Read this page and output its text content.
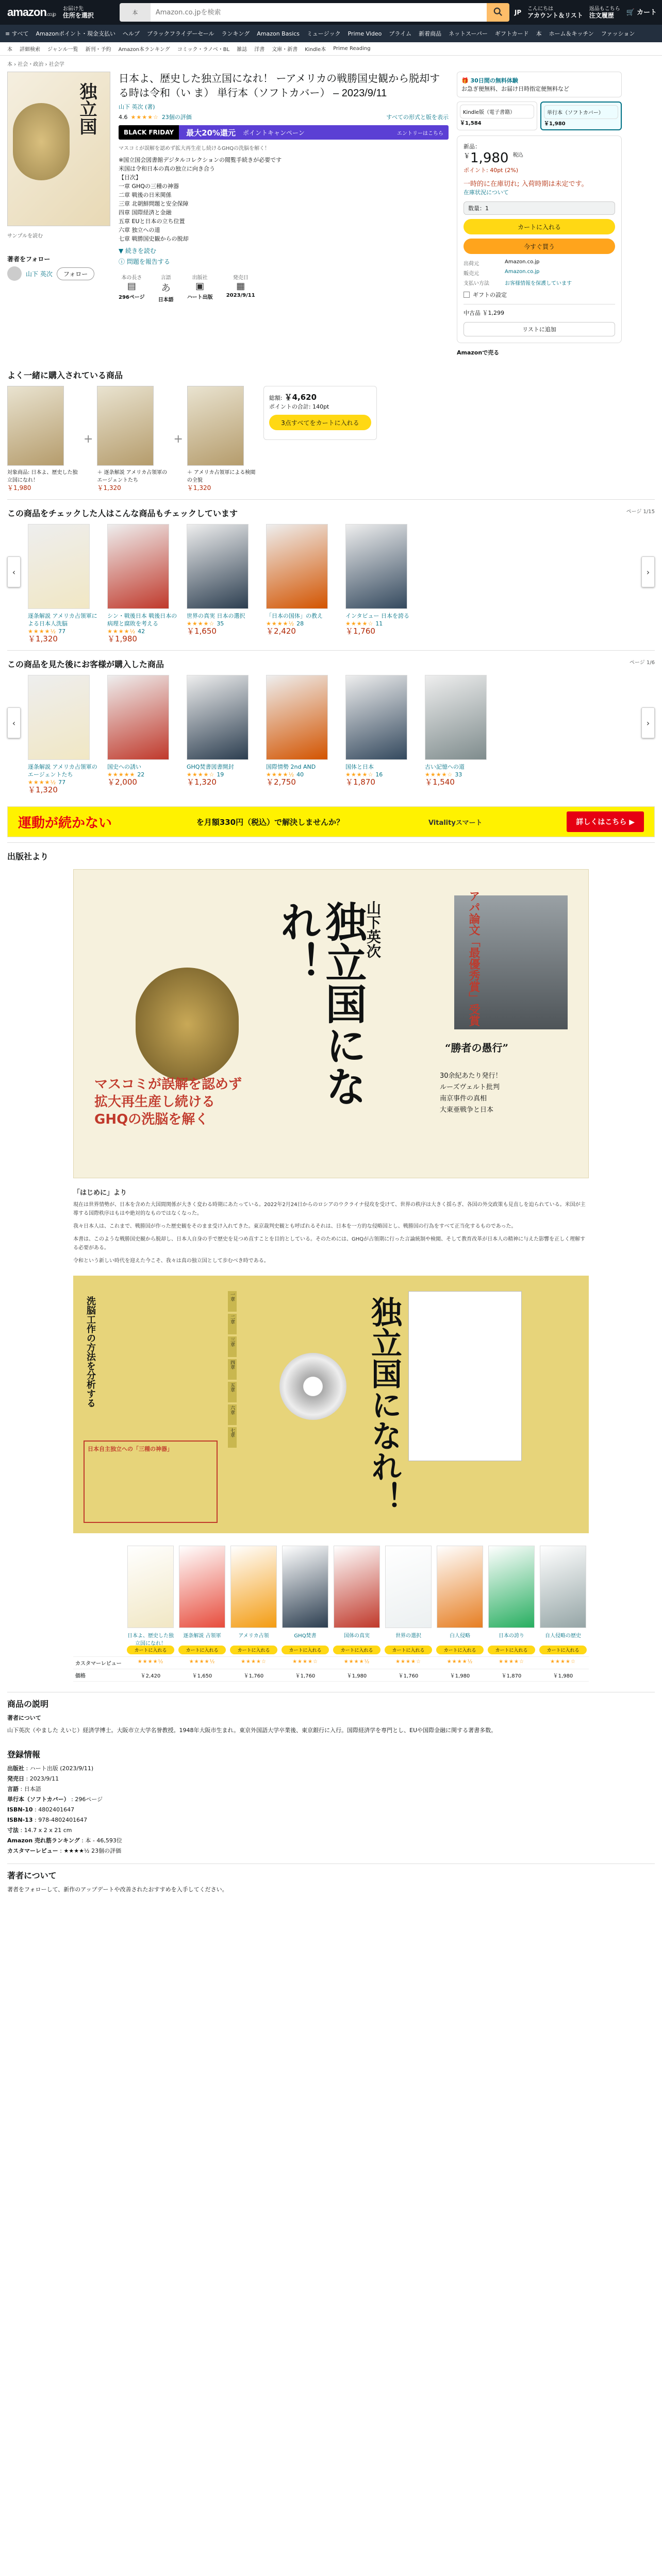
amazon.co.jp
お届け先
住所を選択	本
Amazon.co.jpを検索	JP こんにちは
アカウント＆リスト
返品もこちら
注文履歴	🛒 カート
≡ すべて Amazonポイント・現金支払い ヘルプ ブラックフライデーセール ランキング Amazon Basics ミュージック Prime Video プライム 新着商品 ネットスーパー ギフトカード 本 ホーム＆キッチン ファッション
本 詳細検索 ジャンル一覧 新刊・予約 Amazon本ランキング コミック・ラノベ・BL 雑誌 洋書 文庫・新書 Kindle本 Prime Reading
本 › 社会・政治 › 社会学
独立国
サンプルを読む
著者をフォロー
山下 英次	フォロー
日本よ、歴史した独立国になれ！ ーアメリカの戦勝国史観から脱却する時は令和（い ま） 単行本（ソフトカバー） – 2023/9/11
山下 英次 (著)
4.6 ★★★★☆ 23個の評価	すべての形式と版を表示
BLACK FRIDAY	最大20%還元	ポイントキャンペーン	エントリーはこちら
マスコミが誤解を認めず拡大再生産し続けるGHQの洗脳を解く！
※国立国会図書館デジタルコレクションの閲覧手続きが必要です
米国は令和日本の真の独立に向き合う
【目次】
一章 GHQの三種の神器
二章 戦後の日米関係
三章 北朝鮮問題と安全保障
四章 国際経済と金融
五章 EUと日本の立ち位置
六章 独立への道
七章 戦勝国史観からの脱却
▼ 続きを読む
ⓘ 問題を報告する
本の長さ
▤
296ページ
言語
あ
日本語
出版社
▣
ハート出版
発売日
▦
2023/9/11
🎁 30日間の無料体験
お急ぎ便無料、お届け日時指定便無料など
Kindle版（電子書籍）
￥1,584
単行本（ソフトカバー）
￥1,980
新品：
￥1,980 $^{税込}$
ポイント: 40pt (2%)
一時的に在庫切れ; 入荷時期は未定です。
在庫状況について
数量：1
カートに入れる
今すぐ買う
出荷元	Amazon.co.jp
販売元	Amazon.co.jp
支払い方法	お客様情報を保護しています
ギフトの設定
中古品 ￥1,299
リストに追加
Amazonで売る
よく一緒に購入されている商品
対象商品: 日本よ、歴史した独立国になれ！
￥1,980
+
＋ 逐条解説 アメリカ占領軍のエージェントたち
￥1,320
+
＋ アメリカ占領軍による検閲の全貌
￥1,320
総額: ￥4,620
ポイントの合計: 140pt
3点すべてをカートに入れる
この商品をチェックした人はこんな商品もチェックしています	ページ 1/15
逐条解説 アメリカ占領軍による日本人洗脳
★★★★½ 77
￥1,320
シン・戦後日本 戦後日本の病理と腐敗を考える
★★★★½ 42
￥1,980
世界の真実 日本の選択
★★★★☆ 35
￥1,650
「日本の国体」の教え
★★★★½ 28
￥2,420
インタビュー 日本を誇る
★★★★☆ 11
￥1,760
‹	›
この商品を見た後にお客様が購入した商品	ページ 1/6
逐条解説 アメリカ占領軍のエージェントたち
★★★★½ 77
￥1,320
国史への誘い
★★★★★ 22
￥2,000
GHQ焚書図書開封
★★★★☆ 19
￥1,320
国際情勢 2nd AND
★★★★½ 40
￥2,750
国体と日本
★★★★☆ 16
￥1,870
古い記憶への道
★★★★☆ 33
￥1,540
‹	›
運動が続かない	を月額330円（税込）で解決しませんか？	Vitalityスマート	詳しくはこちら ▶
出版社より
独立国になれ！	山下英次	アパ論文「最優秀賞」受賞
マスコミが誤解を認めず
拡大再生産し続ける
GHQの洗脳を解く
“勝者の愚行”
30余紀あたり発行！
ルーズヴェルト批判
南京事件の真相
大東亜戦争と日本
「はじめに」より

現在は世界情勢が、日本を含めた大国間関係が大きく変わる時期にあたっている。2022年2月24日からのロシアのウクライナ侵攻を受けて、世界の秩序は大きく揺らぎ、各国の外交政策も見直しを迫られている。米国が主導する国際秩序はもはや絶対的なものではなくなった。

我々日本人は、これまで、戦勝国が作った歴史観をそのまま受け入れてきた。東京裁判史観とも呼ばれるそれは、日本を一方的な侵略国とし、戦勝国の行為をすべて正当化するものであった。

本書は、このような戦勝国史観から脱却し、日本人自身の手で歴史を見つめ直すことを目的としている。そのためには、GHQが占領期に行った言論統制や検閲、そして教育改革が日本人の精神に与えた影響を正しく理解する必要がある。

令和という新しい時代を迎えた今こそ、我々は真の独立国として歩むべき時である。

洗脳工作の方法を分析する	一章
二章
三章
四章
五章
六章
七章	独立国になれ！
日本自主独立への「三種の神器」
日本よ、歴史した独立国になれ！
カートに入れる
逐条解説 占領軍
カートに入れる
アメリカ占領
カートに入れる
GHQ焚書
カートに入れる
国体の真実
カートに入れる
世界の選択
カートに入れる
白人侵略
カートに入れる
日本の誇り
カートに入れる
自人侵略の歴史
カートに入れる
カスタマーレビュー	★★★★½	★★★★½	★★★★☆	★★★★☆	★★★★½	★★★★☆	★★★★½	★★★★☆	★★★★☆
価格	￥2,420	￥1,650	￥1,760	￥1,760	￥1,980	￥1,760	￥1,980	￥1,870	￥1,980
商品の説明
著者について

山下英次（やました えいじ）経済学博士。大阪市立大学名誉教授。1948年大阪市生まれ。東京外国語大学卒業後、東京銀行に入行。国際経済学を専門とし、EUや国際金融に関する著書多数。

登録情報
出版社 : ハート出版 (2023/9/11)
発売日 : 2023/9/11
言語 : 日本語
単行本（ソフトカバー） : 296ページ
ISBN-10 : 4802401647
ISBN-13 : 978-4802401647
寸法 : 14.7 x 2 x 21 cm
Amazon 売れ筋ランキング : 本 - 46,593位
カスタマーレビュー : ★★★★½ 23個の評価
著者について

著者をフォローして、新作のアップデートや改善されたおすすめを入手してください。
